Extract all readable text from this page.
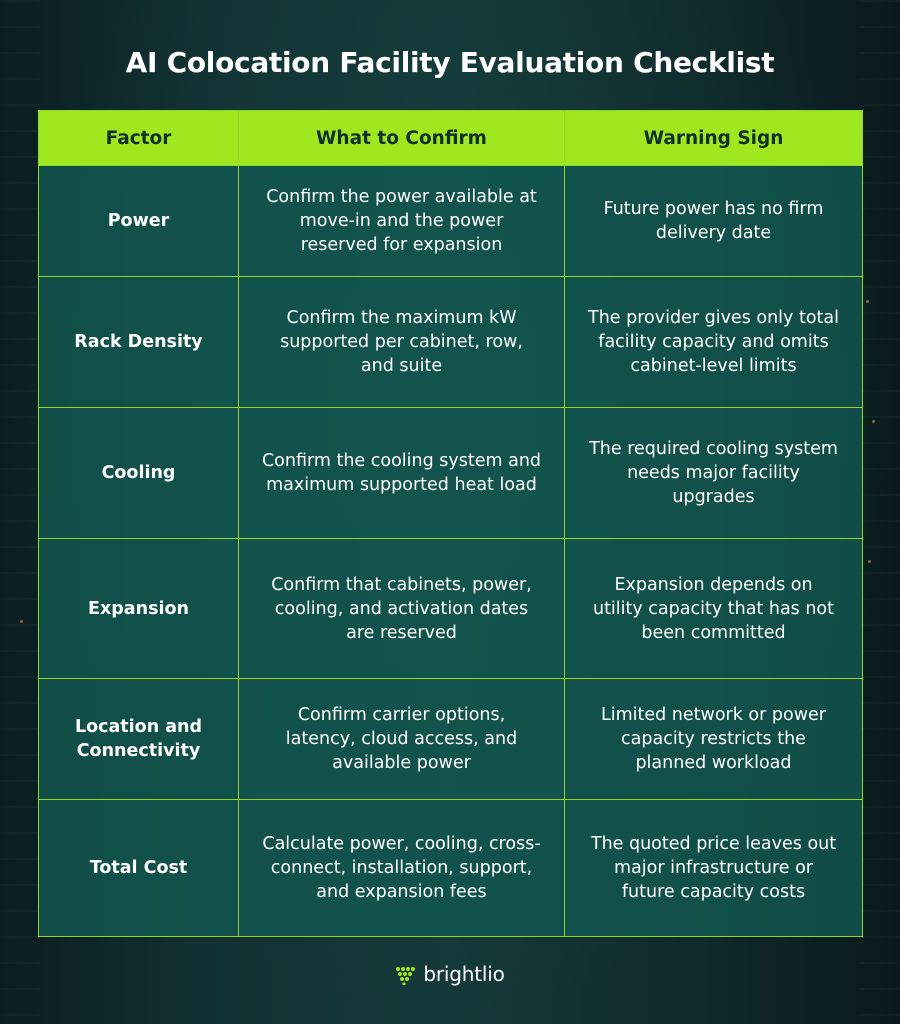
AI Colocation Facility Evaluation Checklist
Factor	What to Confirm	Warning Sign
Power	Confirm the power available at move-in and the power reserved for expansion	Future power has no firm delivery date
Rack Density	Confirm the maximum kW supported per cabinet, row, and suite	The provider gives only total facility capacity and omits cabinet-level limits
Cooling	Confirm the cooling system and maximum supported heat load	The required cooling system needs major facility upgrades
Expansion	Confirm that cabinets, power, cooling, and activation dates are reserved	Expansion depends on utility capacity that has not been committed
Location and Connectivity	Confirm carrier options, latency, cloud access, and available power	Limited network or power capacity restricts the planned workload
Total Cost	Calculate power, cooling, cross-connect, installation, support, and expansion fees	The quoted price leaves out major infrastructure or future capacity costs
brightlio
